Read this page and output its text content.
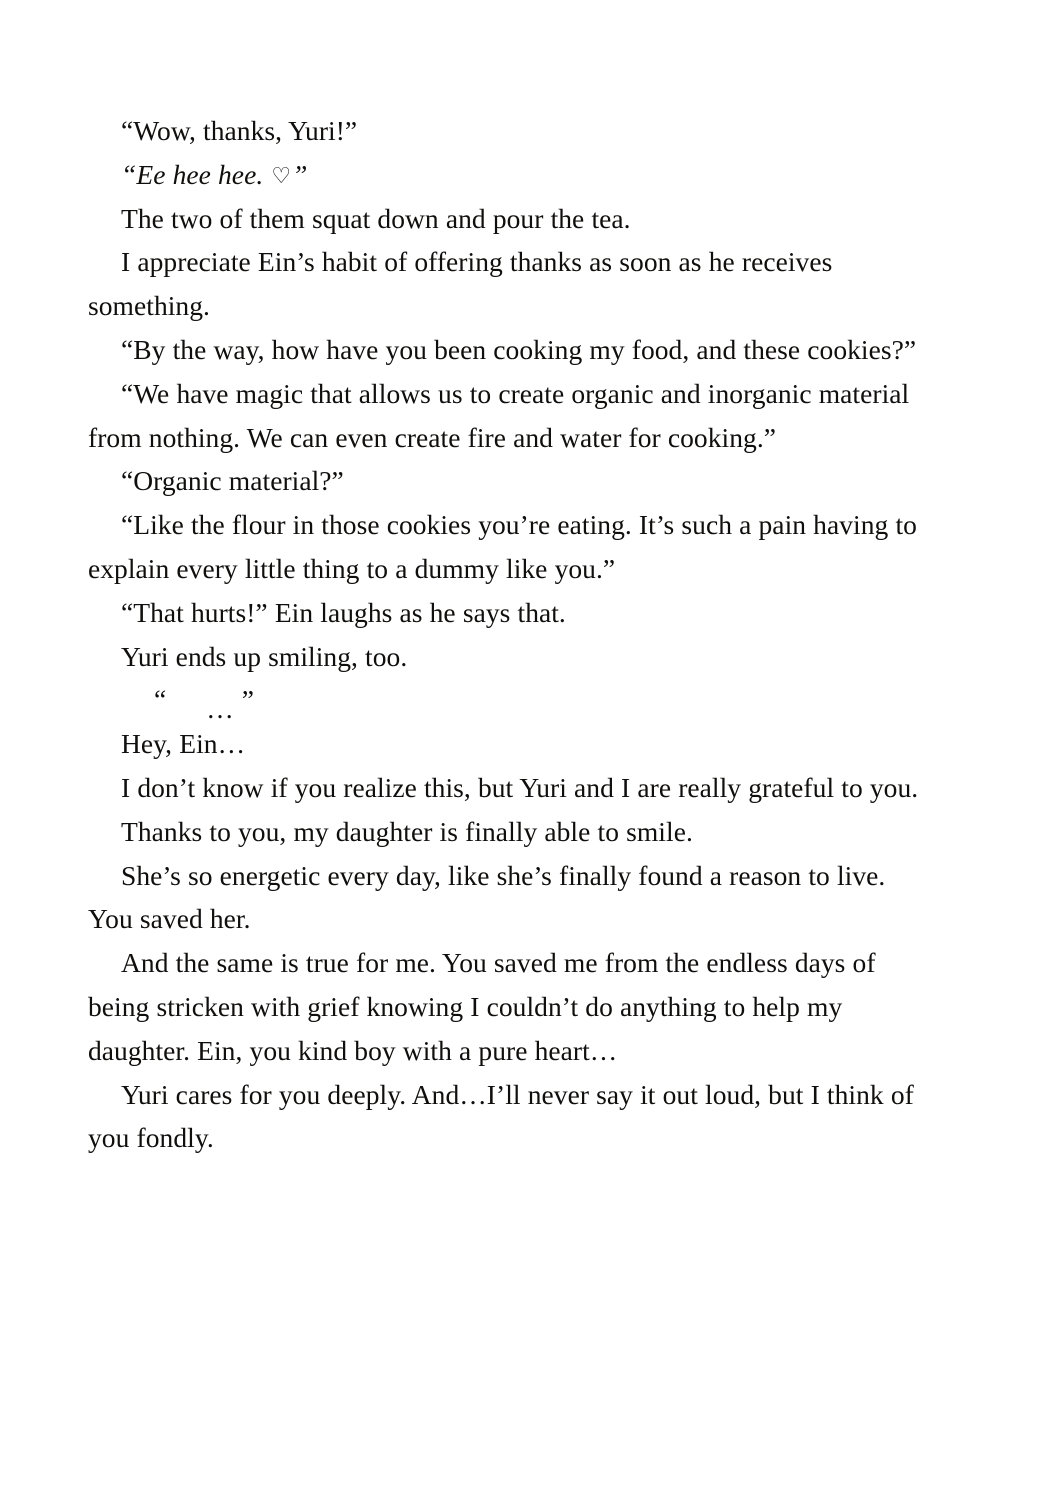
“Wow, thanks, Yuri!”

“Ee hee hee. ♡”

The two of them squat down and pour the tea.

I appreciate Ein’s habit of offering thanks as soon as he receives something.

“By the way, how have you been cooking my food, and these cookies?”

“We have magic that allows us to create organic and inorganic material from nothing. We can even create fire and water for cooking.”

“Organic material?”

“Like the flour in those cookies you’re eating. It’s such a pain having to explain every little thing to a dummy like you.”

“That hurts!” Ein laughs as he says that.

Yuri ends up smiling, too.

“ … ”

Hey, Ein…

I don’t know if you realize this, but Yuri and I are really grateful to you.

Thanks to you, my daughter is finally able to smile.

She’s so energetic every day, like she’s finally found a reason to live. You saved her.

And the same is true for me. You saved me from the endless days of being stricken with grief knowing I couldn’t do anything to help my daughter. Ein, you kind boy with a pure heart…

Yuri cares for you deeply. And…I’ll never say it out loud, but I think of you fondly.
